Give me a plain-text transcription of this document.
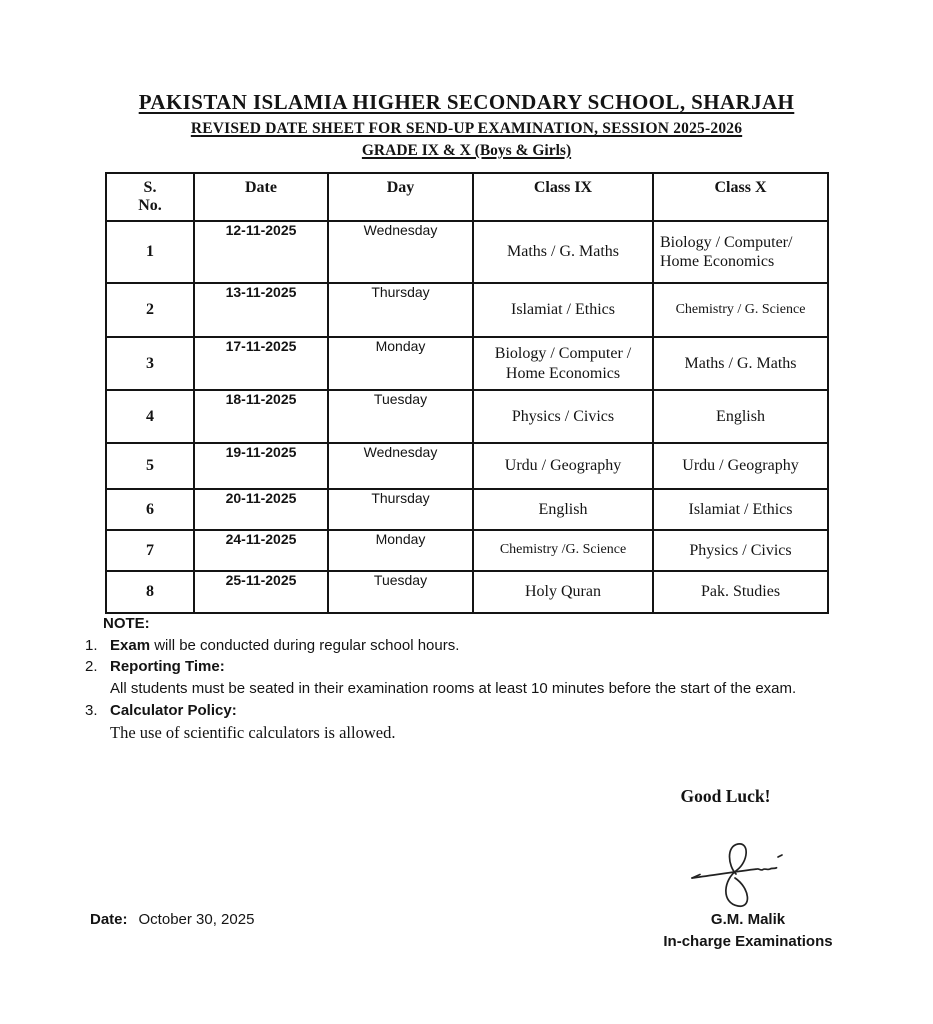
PAKISTAN ISLAMIA HIGHER SECONDARY SCHOOL, SHARJAH
REVISED DATE SHEET FOR SEND-UP EXAMINATION, SESSION 2025-2026
GRADE IX & X (Boys & Girls)
S.
No.	Date	Day	Class IX	Class X
1	12-11-2025	Wednesday	Maths / G. Maths	Biology / Computer/ Home Economics
2	13-11-2025	Thursday	Islamiat / Ethics	Chemistry / G. Science
3	17-11-2025	Monday	Biology / Computer / Home Economics	Maths / G. Maths
4	18-11-2025	Tuesday	Physics / Civics	English
5	19-11-2025	Wednesday	Urdu / Geography	Urdu / Geography
6	20-11-2025	Thursday	English	Islamiat / Ethics
7	24-11-2025	Monday	Chemistry /G. Science	Physics / Civics
8	25-11-2025	Tuesday	Holy Quran	Pak. Studies
NOTE:
1. Exam will be conducted during regular school hours.
2. Reporting Time:
All students must be seated in their examination rooms at least 10 minutes before the start of the exam.
3. Calculator Policy:
The use of scientific calculators is allowed.
Good Luck!
Date: October 30, 2025	G.M. Malik
In-charge Examinations
